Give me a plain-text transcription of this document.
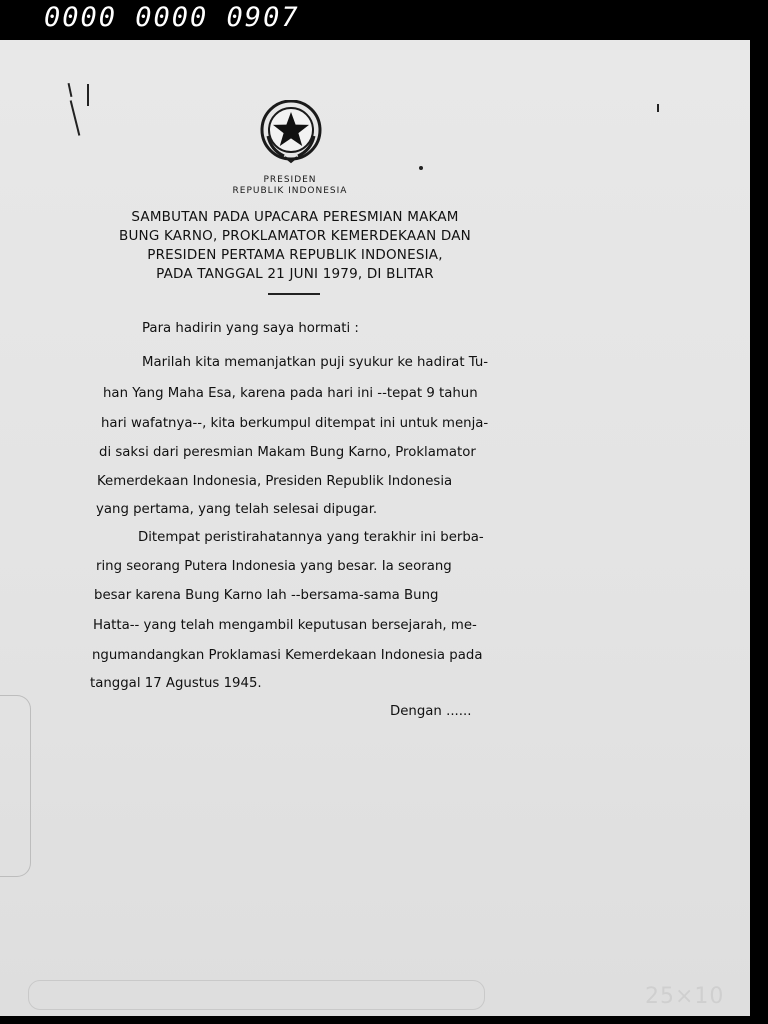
0000 0000 0907
PRESIDEN
REPUBLIK INDONESIA
SAMBUTAN PADA UPACARA PERESMIAN MAKAM
BUNG KARNO, PROKLAMATOR KEMERDEKAAN DAN
PRESIDEN PERTAMA REPUBLIK INDONESIA,
PADA TANGGAL 21 JUNI 1979, DI BLITAR
Para hadirin yang saya hormati :
Marilah kita memanjatkan puji syukur ke hadirat Tu-
han Yang Maha Esa, karena pada hari ini --tepat 9 tahun
hari wafatnya--, kita berkumpul ditempat ini untuk menja-
di saksi dari peresmian Makam Bung Karno, Proklamator
Kemerdekaan Indonesia, Presiden Republik Indonesia
yang pertama, yang telah selesai dipugar.
Ditempat peristirahatannya yang terakhir ini berba-
ring seorang Putera Indonesia yang besar. Ia seorang
besar karena Bung Karno lah --bersama-sama Bung
Hatta-- yang telah mengambil keputusan bersejarah, me-
ngumandangkan Proklamasi Kemerdekaan Indonesia pada
tanggal 17 Agustus 1945.
Dengan ......
25×10
